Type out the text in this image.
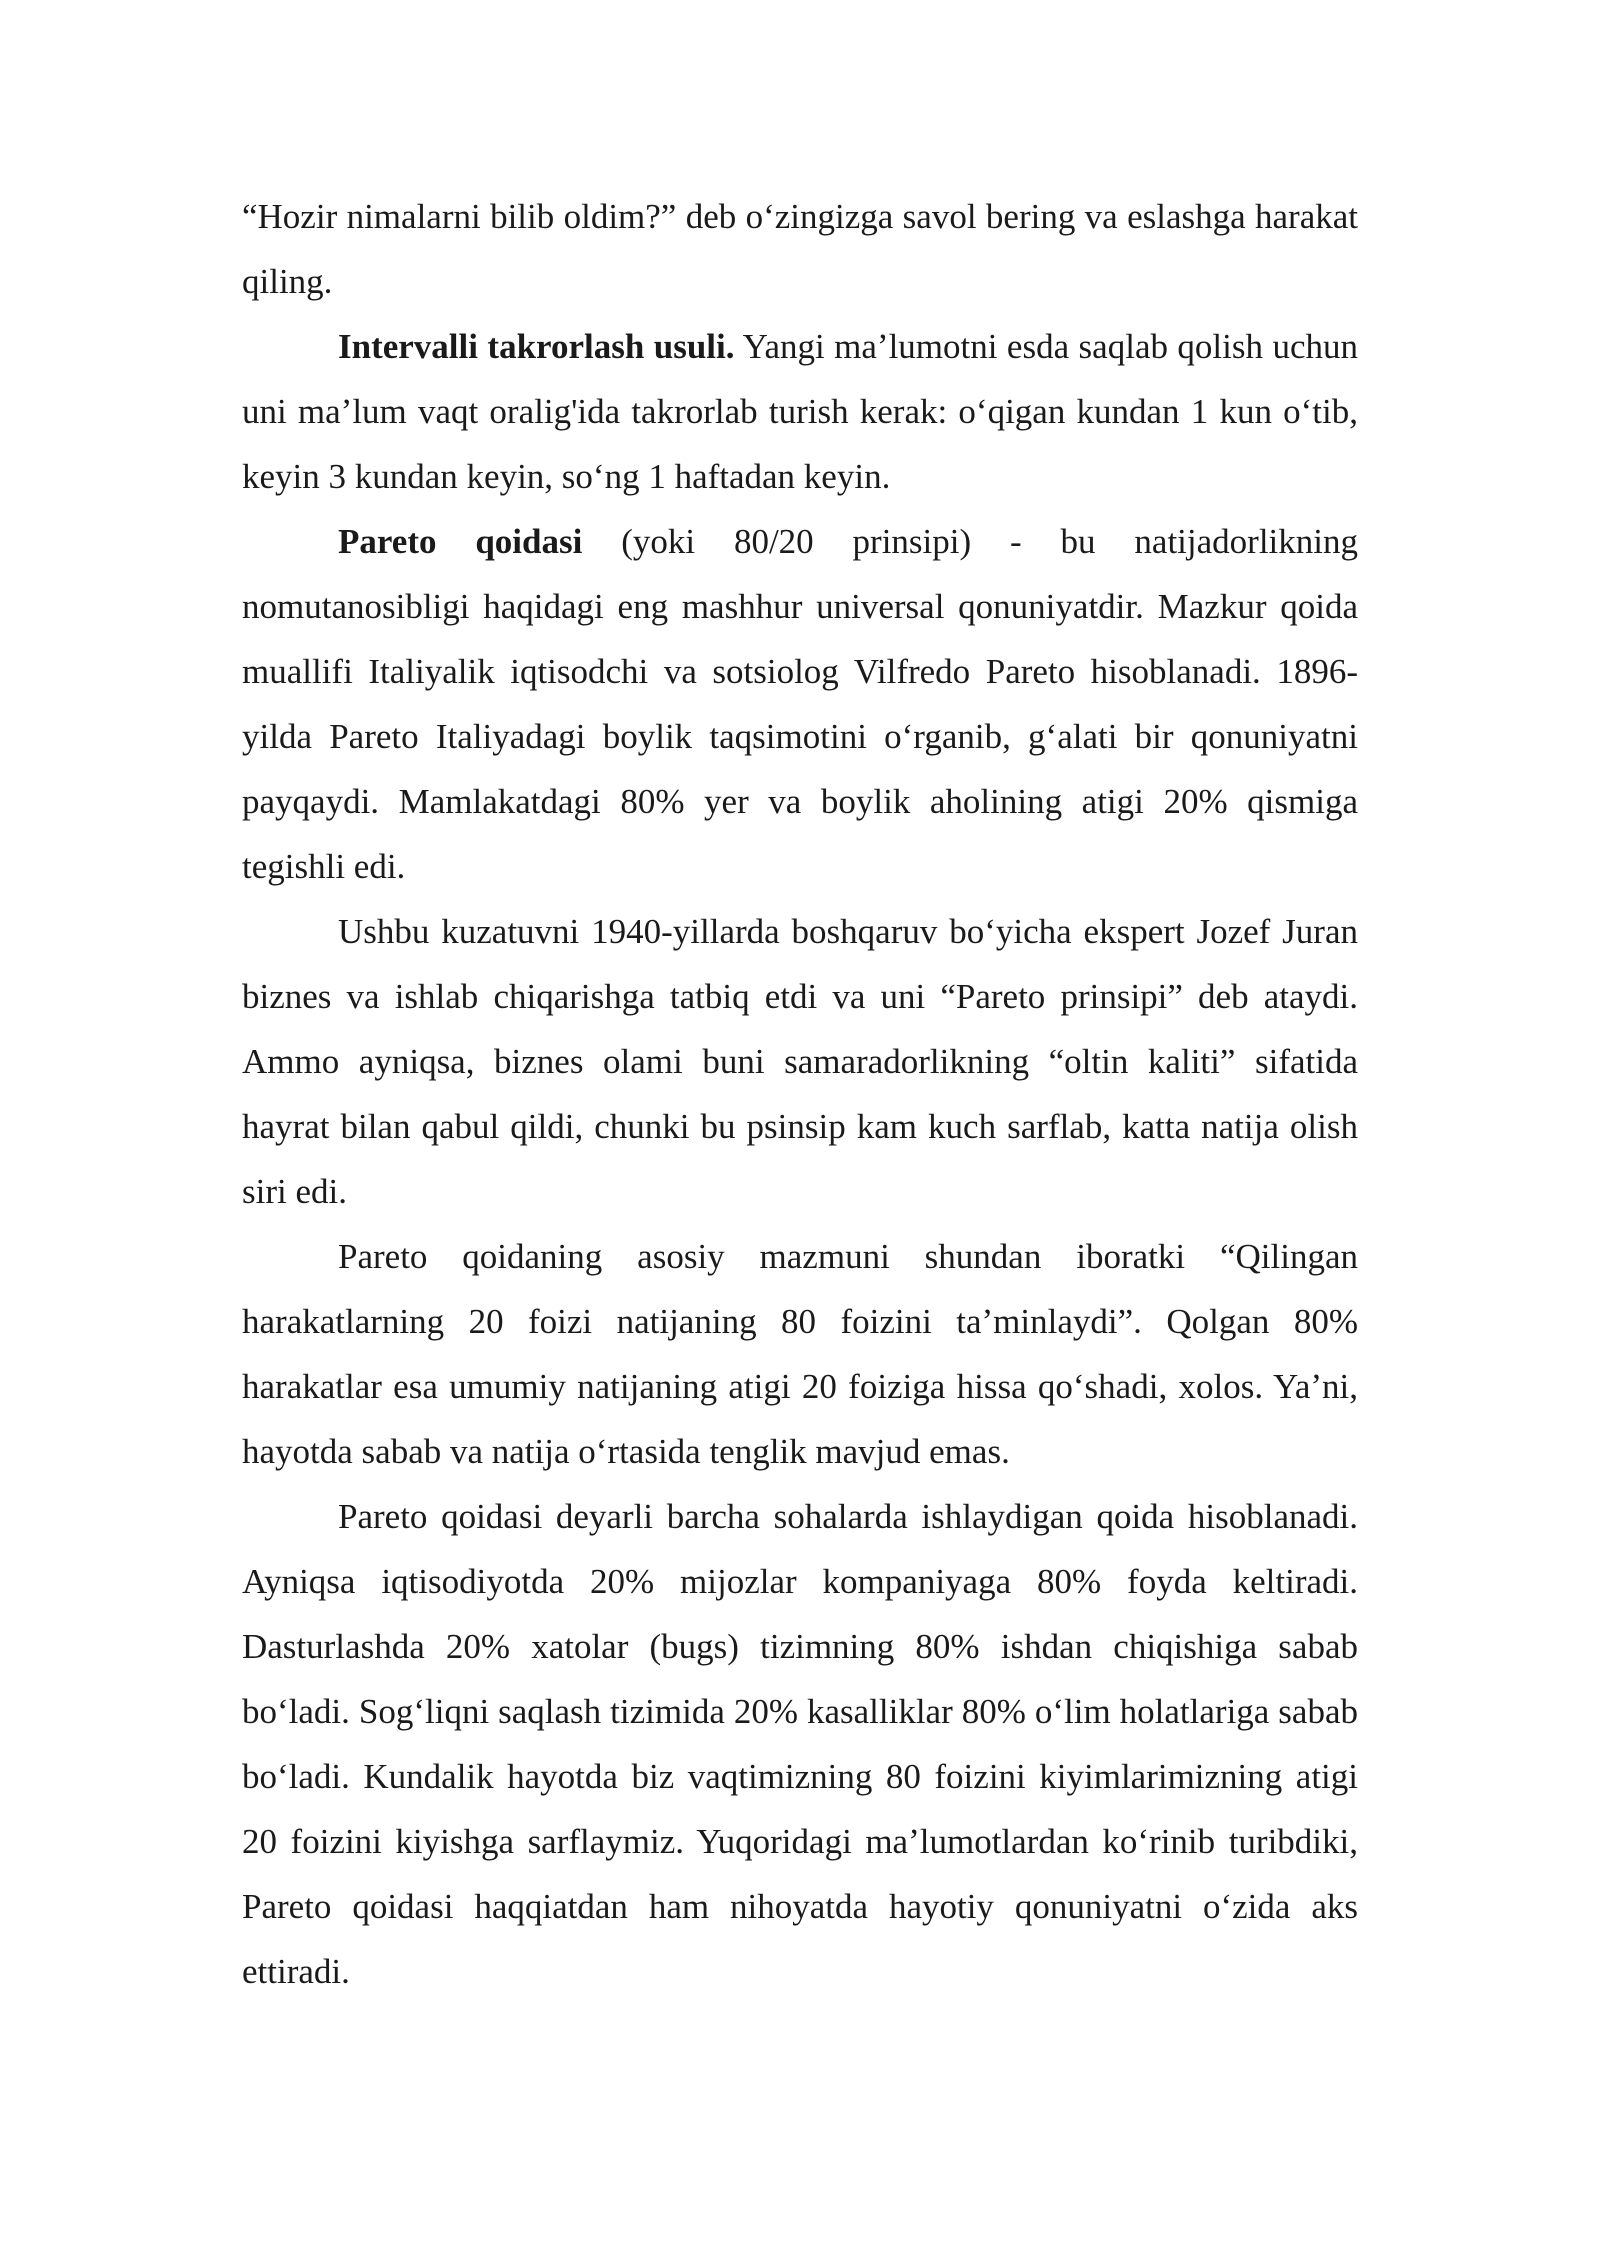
“Hozir nimalarni bilib oldim?” deb oʻzingizga savol bering va eslashga harakat qiling.

Intervalli takrorlash usuli. Yangi maʼlumotni esda saqlab qolish uchun uni maʼlum vaqt oralig'ida takrorlab turish kerak: oʻqigan kundan 1 kun oʻtib, keyin 3 kundan keyin, soʻng 1 haftadan keyin.

Pareto qoidasi (yoki 80/20 prinsipi) - bu natijadorlikning nomutanosibligi haqidagi eng mashhur universal qonuniyatdir. Mazkur qoida muallifi Italiyalik iqtisodchi va sotsiolog Vilfredo Pareto hisoblanadi. 1896-yilda Pareto Italiyadagi boylik taqsimotini oʻrganib, gʻalati bir qonuniyatni payqaydi. Mamlakatdagi 80% yer va boylik aholining atigi 20% qismiga tegishli edi.

Ushbu kuzatuvni 1940-yillarda boshqaruv boʻyicha ekspert Jozef Juran biznes va ishlab chiqarishga tatbiq etdi va uni “Pareto prinsipi” deb ataydi. Ammo ayniqsa, biznes olami buni samaradorlikning “oltin kaliti” sifatida hayrat bilan qabul qildi, chunki bu psinsip kam kuch sarflab, katta natija olish siri edi.

Pareto qoidaning asosiy mazmuni shundan iboratki “Qilingan harakatlarning 20 foizi natijaning 80 foizini taʼminlaydi”. Qolgan 80% harakatlar esa umumiy natijaning atigi 20 foiziga hissa qoʻshadi, xolos. Yaʼni, hayotda sabab va natija oʻrtasida tenglik mavjud emas.

Pareto qoidasi deyarli barcha sohalarda ishlaydigan qoida hisoblanadi. Ayniqsa iqtisodiyotda 20% mijozlar kompaniyaga 80% foyda keltiradi. Dasturlashda 20% xatolar (bugs) tizimning 80% ishdan chiqishiga sabab boʻladi. Sogʻliqni saqlash tizimida 20% kasalliklar 80% oʻlim holatlariga sabab boʻladi. Kundalik hayotda biz vaqtimizning 80 foizini kiyimlarimizning atigi 20 foizini kiyishga sarflaymiz. Yuqoridagi maʼlumotlardan koʻrinib turibdiki, Pareto qoidasi haqqiatdan ham nihoyatda hayotiy qonuniyatni oʻzida aks ettiradi.
